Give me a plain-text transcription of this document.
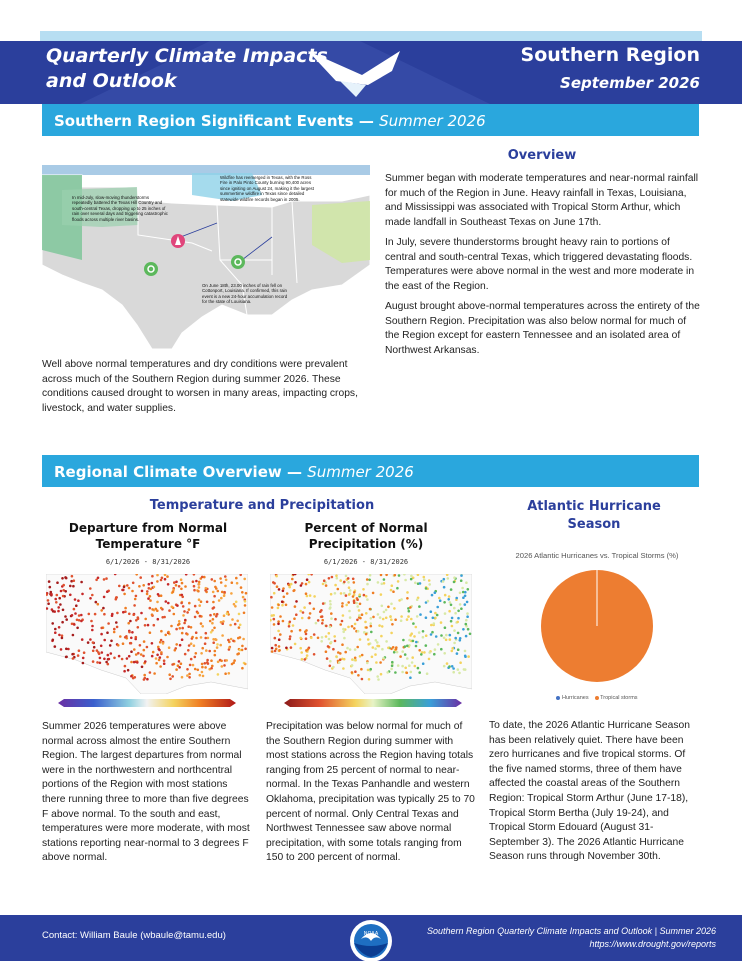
Quarterly Climate Impacts
and Outlook
Southern Region
September 2026
Southern Region Significant Events — Summer 2026
In mid-July, slow-moving thunderstorms repeatedly battered the Texas Hill Country and south-central Texas, dropping up to 25 inches of rain over several days and triggering catastrophic floods across multiple river basins.
Wildfire has reemerged in Texas, with the Ross Fire in Palo Pinto County burning 90,400 acres since igniting on August 24, making it the largest summertime wildfire in Texas since detailed statewide wildfire records began in 2005.
On June 18th, 23.00 inches of rain fell on Cottonport, Louisiana. If confirmed, this rain event is a new 24-hour accumulation record for the state of Louisiana.

Well above normal temperatures and dry conditions were prevalent across much of the Southern Region during summer 2026. These conditions caused drought to worsen in many areas, impacting crops, livestock, and water supplies.

Overview

Summer began with moderate temperatures and near-normal rainfall for much of the Region in June. Heavy rainfall in Texas, Louisiana, and Mississippi was associated with Tropical Storm Arthur, which made landfall in Southeast Texas on June 17th.

In July, severe thunderstorms brought heavy rain to portions of central and south-central Texas, which triggered devastating floods. Temperatures were above normal in the west and more moderate in the east of the Region.

August brought above-normal temperatures across the entirety of the Southern Region. Precipitation was also below normal for much of the Region except for eastern Tennessee and an isolated area of Northwest Arkansas.

Regional Climate Overview — Summer 2026
Temperature and Precipitation
Departure from Normal Temperature °F
6/1/2026 - 8/31/2026
Percent of Normal Precipitation (%)
6/1/2026 - 8/31/2026

Summer 2026 temperatures were above normal across almost the entire Southern Region. The largest departures from normal were in the northwestern and northcentral portions of the Region with most stations there running three to more than five degrees F above normal. To the south and east, temperatures were more moderate, with most stations reporting near-normal to 3 degrees F above normal.

Precipitation was below normal for much of the Southern Region during summer with most stations across the Region having totals ranging from 25 percent of normal to near-normal. In the Texas Panhandle and western Oklahoma, precipitation was typically 25 to 70 percent of normal. Only Central Texas and Northwest Tennessee saw above normal precipitation, with some totals ranging from 150 to 200 percent of normal.

Atlantic Hurricane Season
2026 Atlantic Hurricanes vs. Tropical Storms (%)
Hurricanes Tropical storms

To date, the 2026 Atlantic Hurricane Season has been relatively quiet. There have been zero hurricanes and five tropical storms. Of the five named storms, three of them have affected the coastal areas of the Southern Region: Tropical Storm Arthur (June 17-18), Tropical Storm Bertha (July 19-24), and Tropical Storm Edouard (August 31-September 3). The 2026 Atlantic Hurricane Season runs through November 30th.

Contact: William Baule (wbaule@tamu.edu)	NOAA	Southern Region Quarterly Climate Impacts and Outlook | Summer 2026
https://www.drought.gov/reports
